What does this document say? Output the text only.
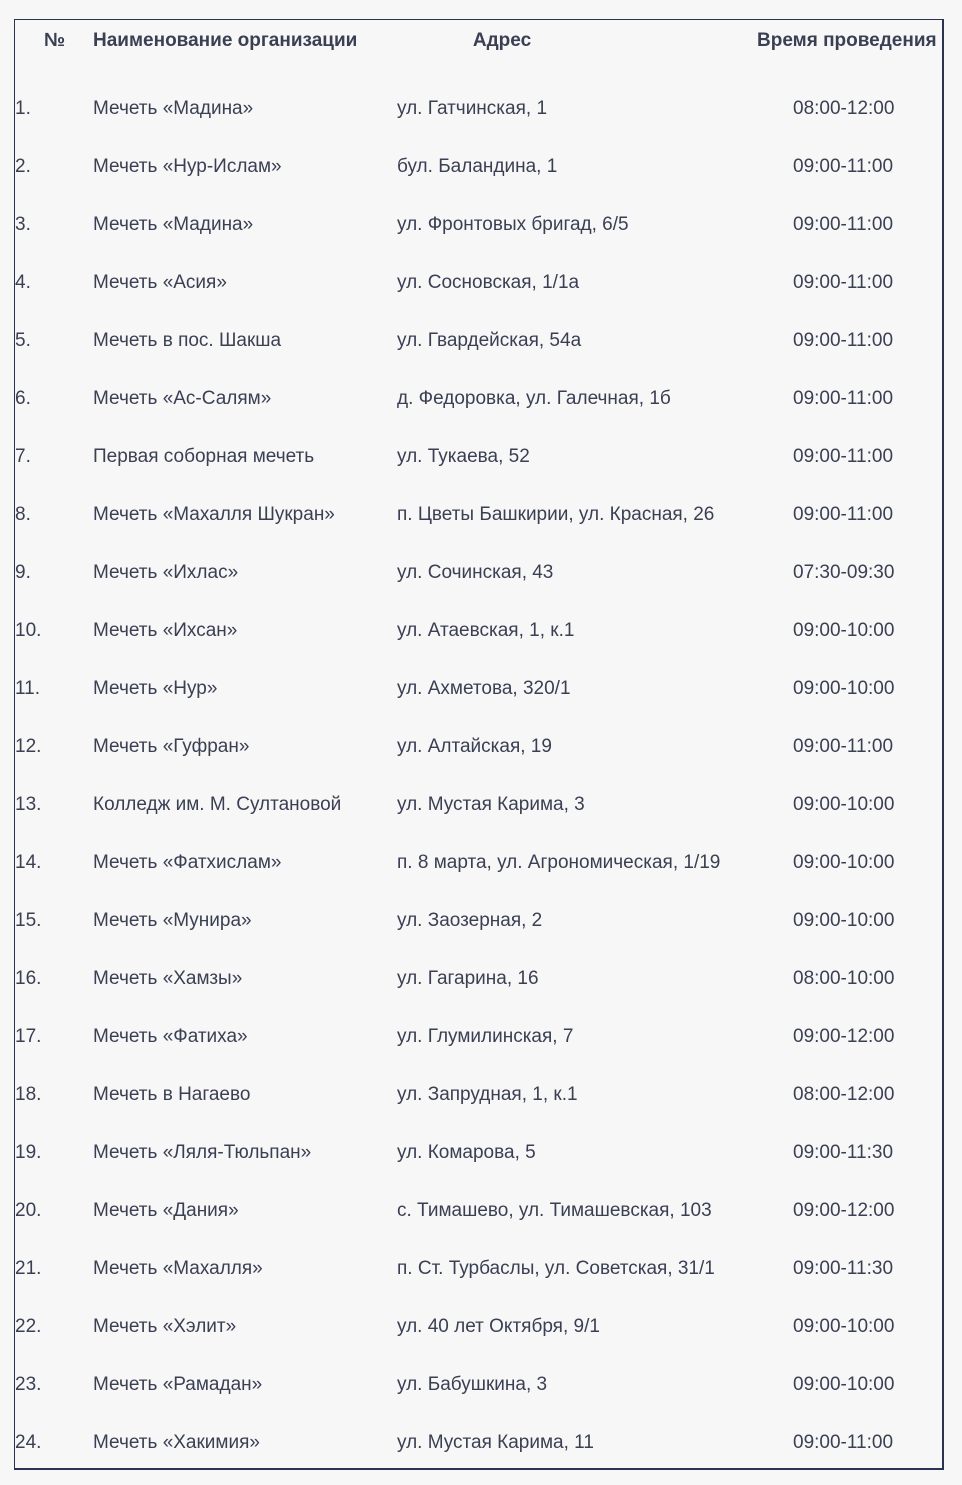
№	Наименование организации	Адрес	Время проведения
1.	Мечеть «Мадина»	ул. Гатчинская, 1	08:00-12:00
2.	Мечеть «Нур-Ислам»	бул. Баландина, 1	09:00-11:00
3.	Мечеть «Мадина»	ул. Фронтовых бригад, 6/5	09:00-11:00
4.	Мечеть «Асия»	ул. Сосновская, 1/1а	09:00-11:00
5.	Мечеть в пос. Шакша	ул. Гвардейская, 54а	09:00-11:00
6.	Мечеть «Ас-Салям»	д. Федоровка, ул. Галечная, 1б	09:00-11:00
7.	Первая соборная мечеть	ул. Тукаева, 52	09:00-11:00
8.	Мечеть «Махалля Шукран»	п. Цветы Башкирии, ул. Красная, 26	09:00-11:00
9.	Мечеть «Ихлас»	ул. Сочинская, 43	07:30-09:30
10.	Мечеть «Ихсан»	ул. Атаевская, 1, к.1	09:00-10:00
11.	Мечеть «Нур»	ул. Ахметова, 320/1	09:00-10:00
12.	Мечеть «Гуфран»	ул. Алтайская, 19	09:00-11:00
13.	Колледж им. М. Султановой	ул. Мустая Карима, 3	09:00-10:00
14.	Мечеть «Фатхислам»	п. 8 марта, ул. Агрономическая, 1/19	09:00-10:00
15.	Мечеть «Мунира»	ул. Заозерная, 2	09:00-10:00
16.	Мечеть «Хамзы»	ул. Гагарина, 16	08:00-10:00
17.	Мечеть «Фатиха»	ул. Глумилинская, 7	09:00-12:00
18.	Мечеть в Нагаево	ул. Запрудная, 1, к.1	08:00-12:00
19.	Мечеть «Ляля-Тюльпан»	ул. Комарова, 5	09:00-11:30
20.	Мечеть «Дания»	с. Тимашево, ул. Тимашевская, 103	09:00-12:00
21.	Мечеть «Махалля»	п. Ст. Турбаслы, ул. Советская, 31/1	09:00-11:30
22.	Мечеть «Хэлит»	ул. 40 лет Октября, 9/1	09:00-10:00
23.	Мечеть «Рамадан»	ул. Бабушкина, 3	09:00-10:00
24.	Мечеть «Хакимия»	ул. Мустая Карима, 11	09:00-11:00
